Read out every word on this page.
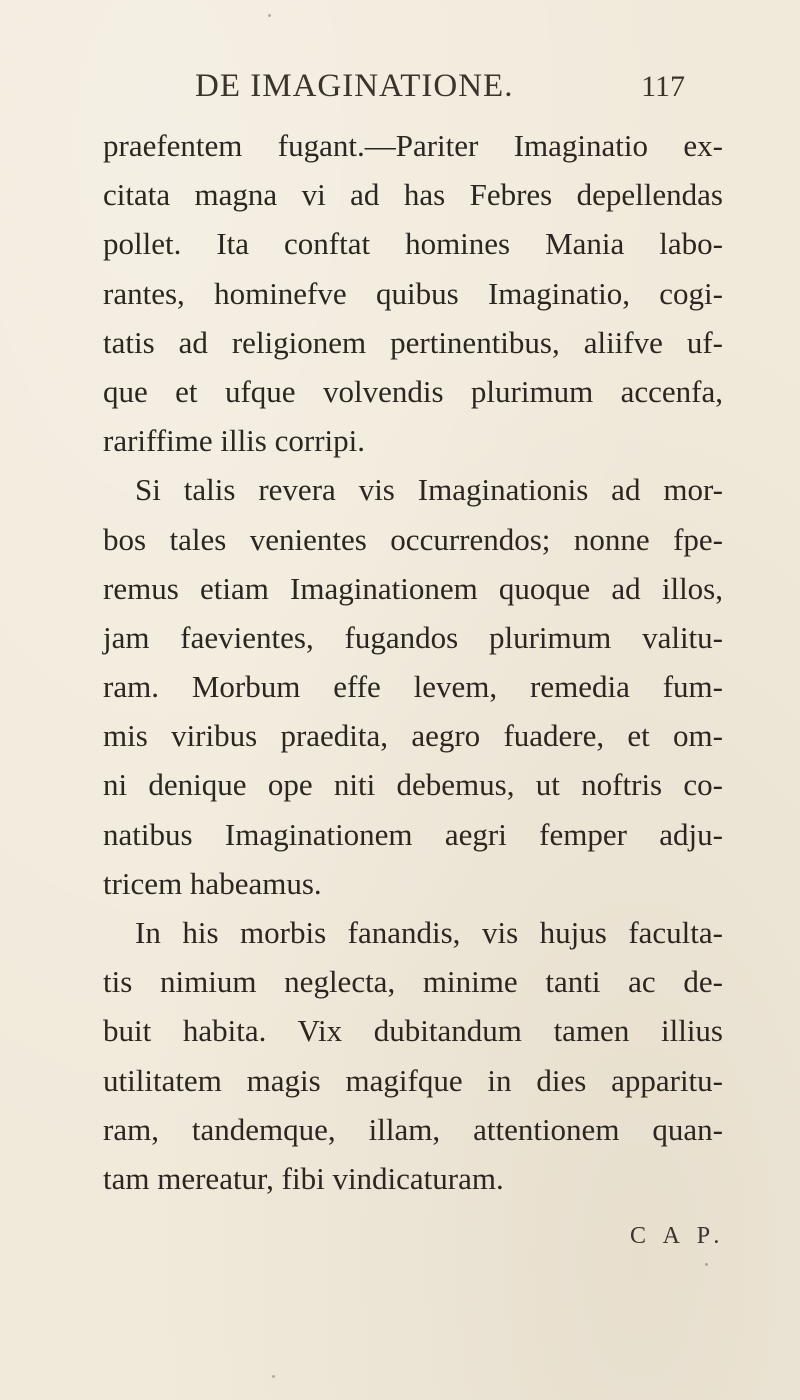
DE IMAGINATIONE.	117
praefentem fugant.—Pariter Imaginatio ex-
citata magna vi ad has Febres depellendas
pollet. Ita conftat homines Mania labo-
rantes, hominefve quibus Imaginatio, cogi-
tatis ad religionem pertinentibus, aliifve uf-
que et ufque volvendis plurimum accenfa,
rariffime illis corripi.
Si talis revera vis Imaginationis ad mor-
bos tales venientes occurrendos; nonne fpe-
remus etiam Imaginationem quoque ad illos,
jam faevientes, fugandos plurimum valitu-
ram. Morbum effe levem, remedia fum-
mis viribus praedita, aegro fuadere, et om-
ni denique ope niti debemus, ut noftris co-
natibus Imaginationem aegri femper adju-
tricem habeamus.
In his morbis fanandis, vis hujus faculta-
tis nimium neglecta, minime tanti ac de-
buit habita. Vix dubitandum tamen illius
utilitatem magis magifque in dies apparitu-
ram, tandemque, illam, attentionem quan-
tam mereatur, fibi vindicaturam.
C A P.
